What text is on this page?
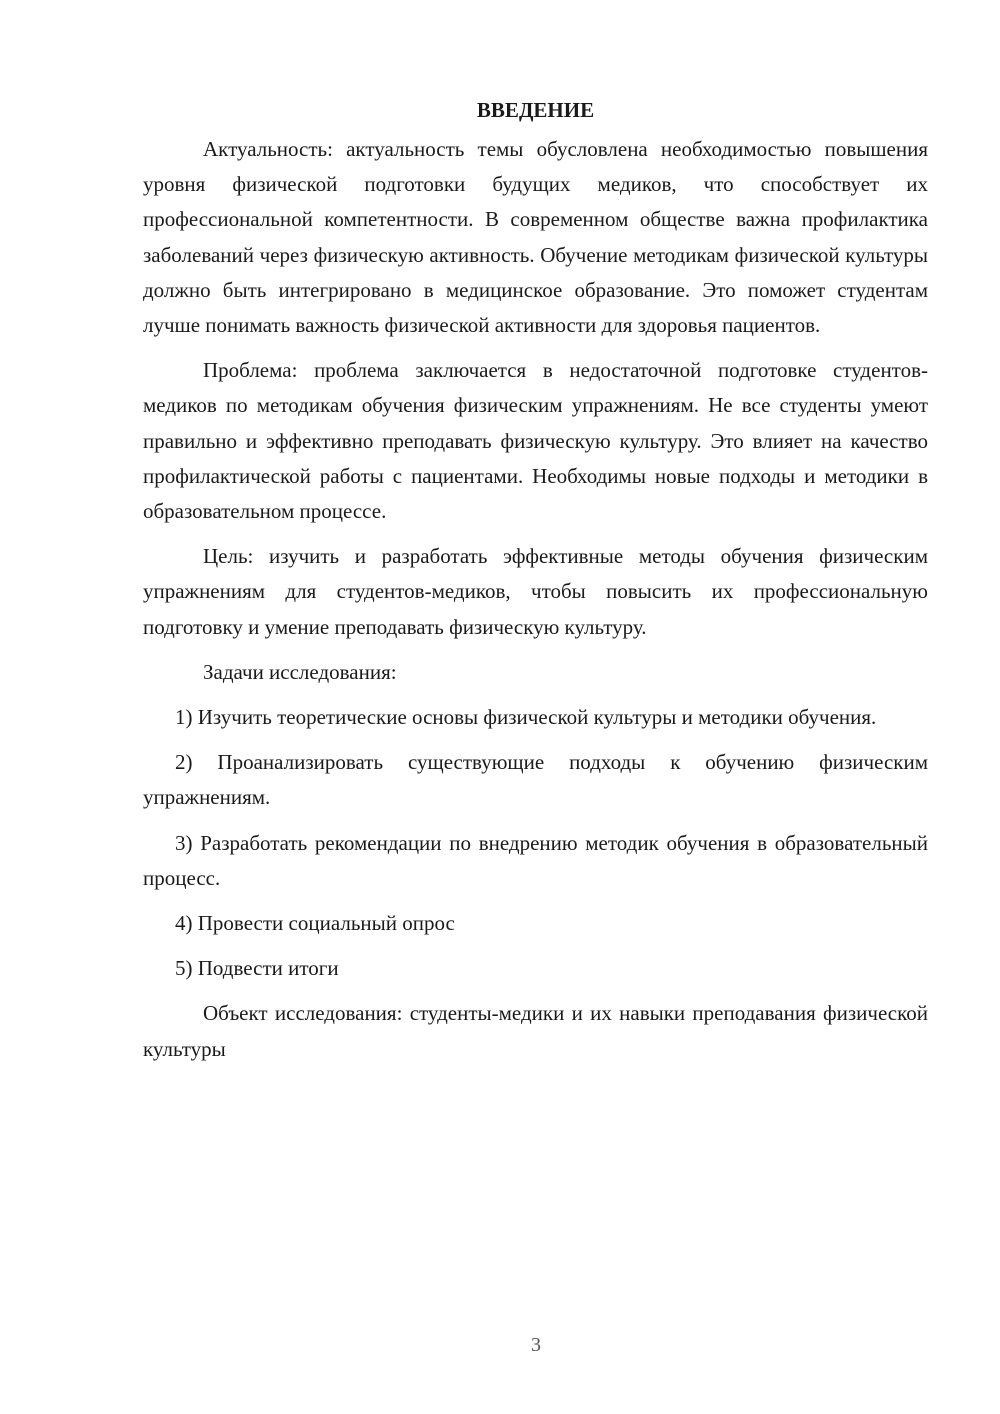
ВВЕДЕНИЕ

Актуальность: актуальность темы обусловлена необходимостью повышения уровня физической подготовки будущих медиков, что способствует их профессиональной компетентности. В современном обществе важна профилактика заболеваний через физическую активность. Обучение методикам физической культуры должно быть интегрировано в медицинское образование. Это поможет студентам лучше понимать важность физической активности для здоровья пациентов.

Проблема: проблема заключается в недостаточной подготовке студентов-медиков по методикам обучения физическим упражнениям. Не все студенты умеют правильно и эффективно преподавать физическую культуру. Это влияет на качество профилактической работы с пациентами. Необходимы новые подходы и методики в образовательном процессе.

Цель: изучить и разработать эффективные методы обучения физическим упражнениям для студентов-медиков, чтобы повысить их профессиональную подготовку и умение преподавать физическую культуру.

Задачи исследования:

1) Изучить теоретические основы физической культуры и методики обучения.

2) Проанализировать существующие подходы к обучению физическим упражнениям.

3) Разработать рекомендации по внедрению методик обучения в образовательный процесс.

4) Провести социальный опрос

5) Подвести итоги

Объект исследования: студенты-медики и их навыки преподавания физической культуры

3
